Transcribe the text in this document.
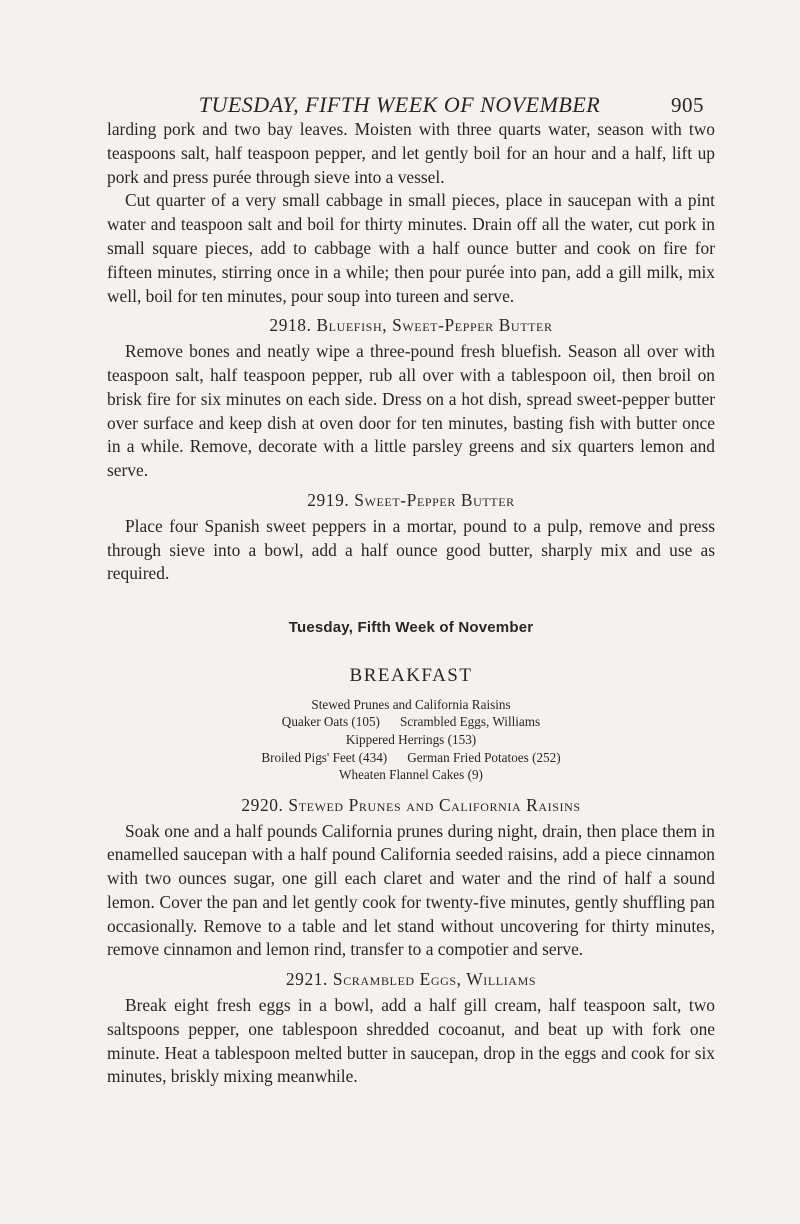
TUESDAY, FIFTH WEEK OF NOVEMBER	905

larding pork and two bay leaves. Moisten with three quarts water, season with two teaspoons salt, half teaspoon pepper, and let gently boil for an hour and a half, lift up pork and press purée through sieve into a vessel.

Cut quarter of a very small cabbage in small pieces, place in saucepan with a pint water and teaspoon salt and boil for thirty minutes. Drain off all the water, cut pork in small square pieces, add to cabbage with a half ounce butter and cook on fire for fifteen minutes, stirring once in a while; then pour purée into pan, add a gill milk, mix well, boil for ten minutes, pour soup into tureen and serve.

2918. Bluefish, Sweet-Pepper Butter

Remove bones and neatly wipe a three-pound fresh bluefish. Season all over with teaspoon salt, half teaspoon pepper, rub all over with a tablespoon oil, then broil on brisk fire for six minutes on each side. Dress on a hot dish, spread sweet-pepper butter over surface and keep dish at oven door for ten minutes, basting fish with butter once in a while. Remove, decorate with a little parsley greens and six quarters lemon and serve.

2919. Sweet-Pepper Butter

Place four Spanish sweet peppers in a mortar, pound to a pulp, remove and press through sieve into a bowl, add a half ounce good butter, sharply mix and use as required.

Tuesday, Fifth Week of November
BREAKFAST
Stewed Prunes and California Raisins
Quaker Oats (105) Scrambled Eggs, Williams
Kippered Herrings (153)
Broiled Pigs' Feet (434) German Fried Potatoes (252)
Wheaten Flannel Cakes (9)
2920. Stewed Prunes and California Raisins

Soak one and a half pounds California prunes during night, drain, then place them in enamelled saucepan with a half pound California seeded raisins, add a piece cinnamon with two ounces sugar, one gill each claret and water and the rind of half a sound lemon. Cover the pan and let gently cook for twenty-five minutes, gently shuffling pan occasionally. Remove to a table and let stand without uncovering for thirty minutes, remove cinnamon and lemon rind, transfer to a compotier and serve.

2921. Scrambled Eggs, Williams

Break eight fresh eggs in a bowl, add a half gill cream, half teaspoon salt, two saltspoons pepper, one tablespoon shredded cocoanut, and beat up with fork one minute. Heat a tablespoon melted butter in saucepan, drop in the eggs and cook for six minutes, briskly mixing meanwhile.
